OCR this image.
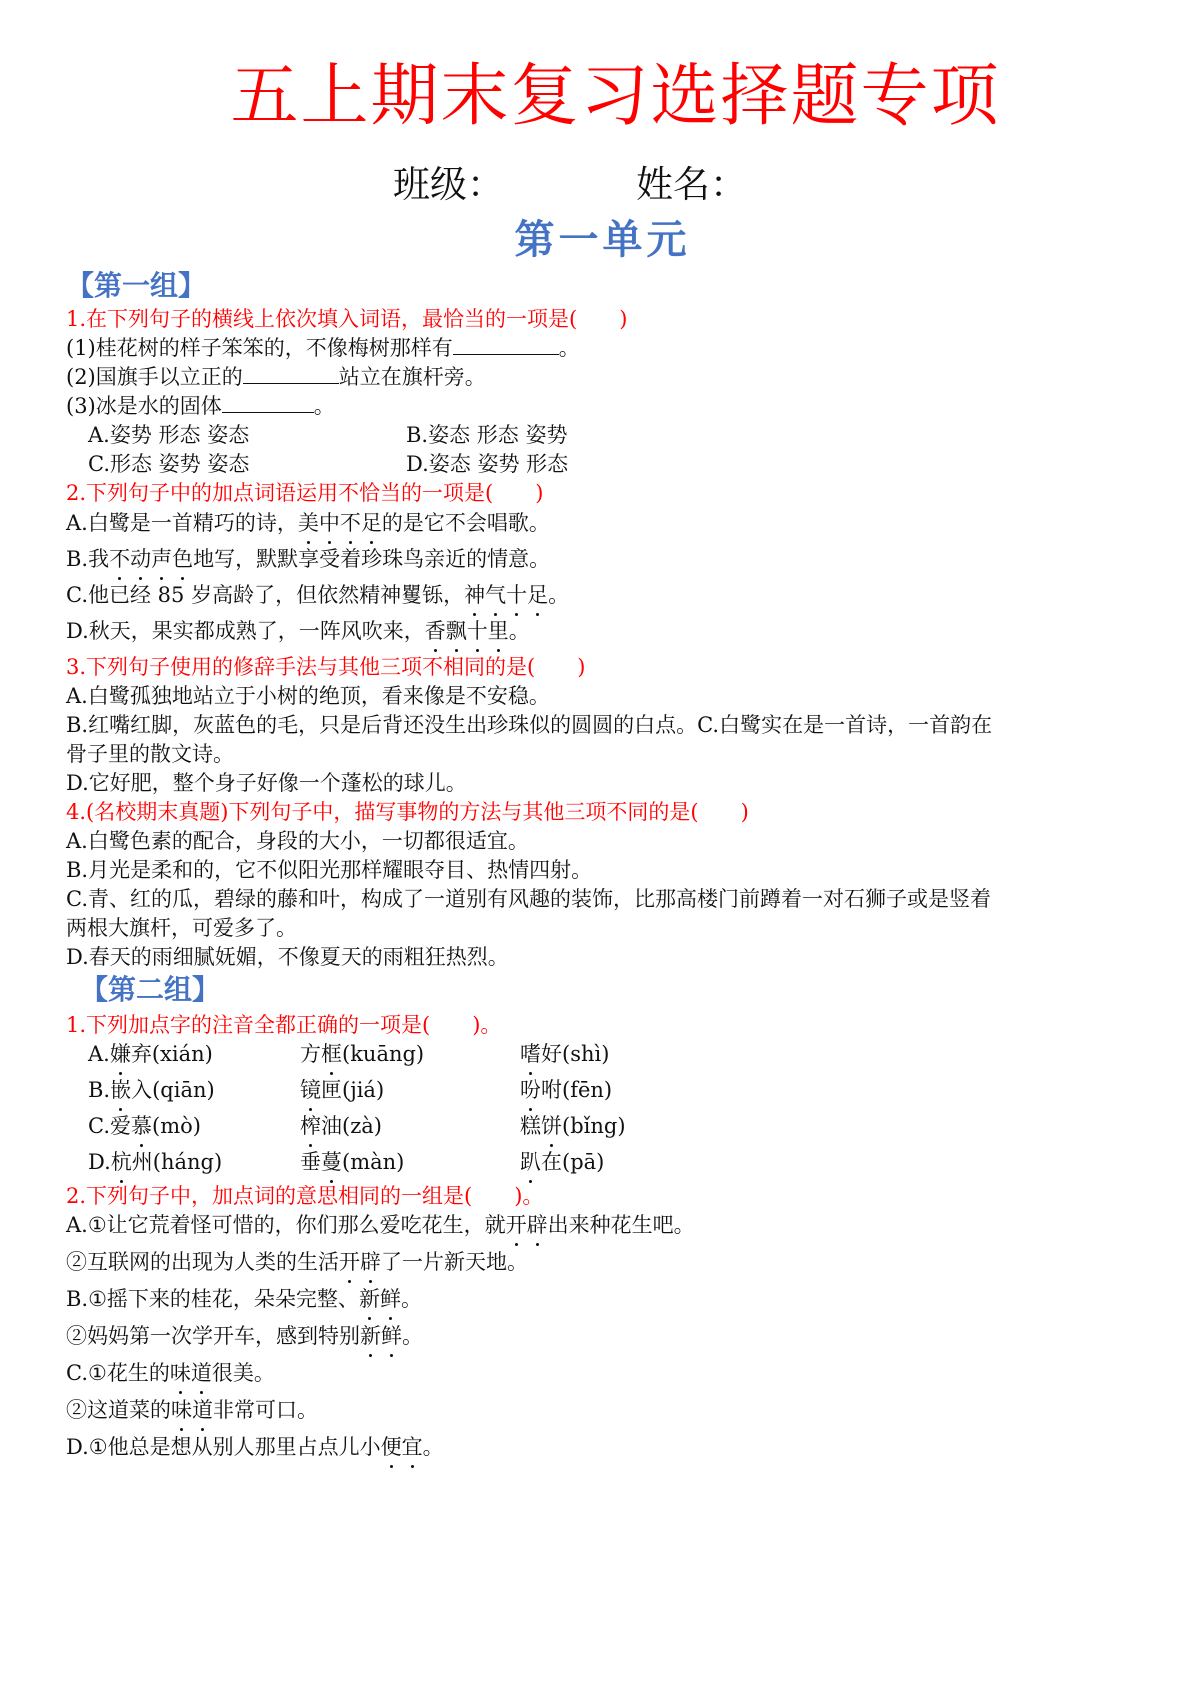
五上期末复习选择题专项
班级：	姓名：
第一单元
【第一组】
1.在下列句子的横线上依次填入词语，最恰当的一项是(　　)
(1)桂花树的样子笨笨的，不像梅树那样有	。
(2)国旗手以立正的	站立在旗杆旁。
(3)冰是水的固体	。
A.姿势 形态 姿态	B.姿态 形态 姿势
C.形态 姿势 姿态	D.姿态 姿势 形态
2.下列句子中的加点词语运用不恰当的一项是(　　)
A.白鹭是一首精巧的诗，美中不足的是它不会唱歌。
B.我不动声色地写，默默享受着珍珠鸟亲近的情意。
C.他已经 85 岁高龄了，但依然精神矍铄，神气十足。
D.秋天，果实都成熟了，一阵风吹来，香飘十里。
3.下列句子使用的修辞手法与其他三项不相同的是(　　)
A.白鹭孤独地站立于小树的绝顶，看来像是不安稳。
B.红嘴红脚，灰蓝色的毛，只是后背还没生出珍珠似的圆圆的白点。C.白鹭实在是一首诗，一首韵在
骨子里的散文诗。
D.它好肥，整个身子好像一个蓬松的球儿。
4.(名校期末真题)下列句子中，描写事物的方法与其他三项不同的是(　　)
A.白鹭色素的配合，身段的大小，一切都很适宜。
B.月光是柔和的，它不似阳光那样耀眼夺目、热情四射。
C.青、红的瓜，碧绿的藤和叶，构成了一道别有风趣的装饰，比那高楼门前蹲着一对石狮子或是竖着
两根大旗杆，可爱多了。
D.春天的雨细腻妩媚，不像夏天的雨粗狂热烈。
【第二组】
1.下列加点字的注音全都正确的一项是(　　)。
2.下列句子中，加点词的意思相同的一组是(　　)。
A.嫌弃(xián)	方框(kuāng)	嗜好(shì)
B.嵌入(qiān)	镜匣(jiá)	吩咐(fēn)
C.爱慕(mò)	榨油(zà)	糕饼(bǐng)
D.杭州(háng)	垂蔓(màn)	趴在(pā)
A.①让它荒着怪可惜的，你们那么爱吃花生，就开辟出来种花生吧。
②互联网的出现为人类的生活开辟了一片新天地。
B.①摇下来的桂花，朵朵完整、新鲜。
②妈妈第一次学开车，感到特别新鲜。
C.①花生的味道很美。
②这道菜的味道非常可口。
D.①他总是想从别人那里占点儿小便宜。
